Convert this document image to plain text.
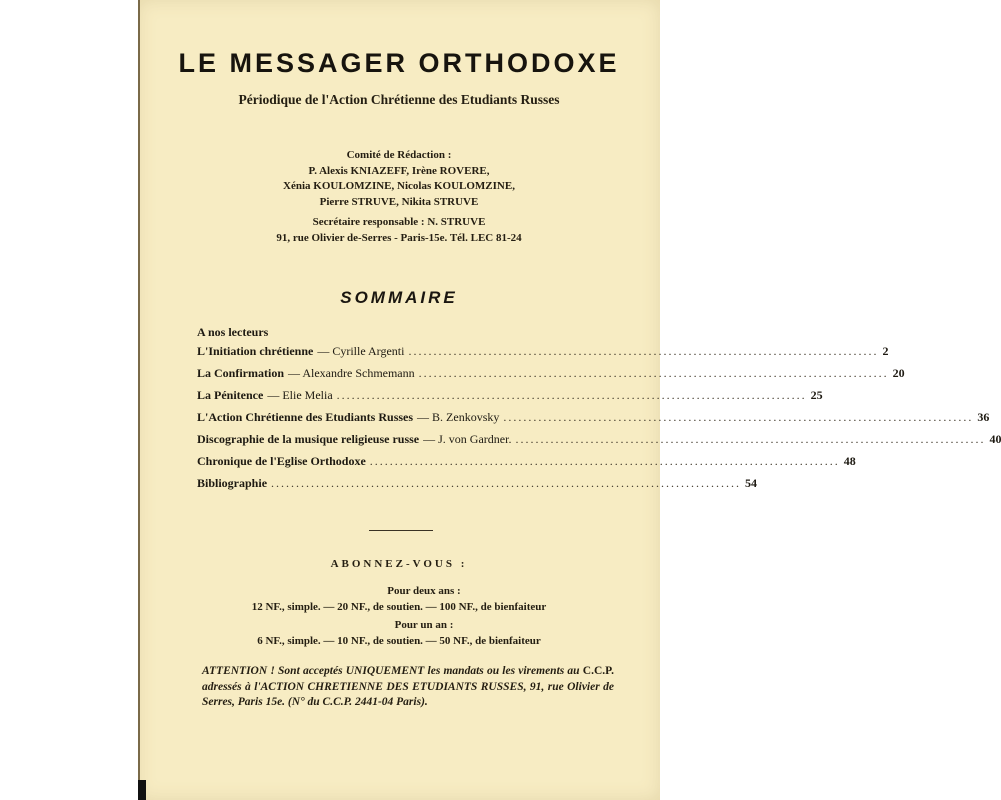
LE MESSAGER ORTHODOXE
Périodique de l'Action Chrétienne des Etudiants Russes
Comité de Rédaction :
P. Alexis KNIAZEFF, Irène ROVERE,
Xénia KOULOMZINE, Nicolas KOULOMZINE,
Pierre STRUVE, Nikita STRUVE
Secrétaire responsable : N. STRUVE
91, rue Olivier de-Serres - Paris-15e. Tél. LEC 81-24
SOMMAIRE
A nos lecteurs
L'Initiation chrétienne — Cyrille Argenti .............................................................................................. 2
La Confirmation — Alexandre Schmemann .............................................................................................. 20
La Pénitence — Elie Melia .............................................................................................. 25
L'Action Chrétienne des Etudiants Russes — B. Zenkovsky .............................................................................................. 36
Discographie de la musique religieuse russe — J. von Gardner. .............................................................................................. 40
Chronique de l'Eglise Orthodoxe .............................................................................................. 48
Bibliographie .............................................................................................. 54
ABONNEZ-VOUS :
Pour deux ans :
12 NF., simple. — 20 NF., de soutien. — 100 NF., de bienfaiteur
Pour un an :
6 NF., simple. — 10 NF., de soutien. — 50 NF., de bienfaiteur
ATTENTION ! Sont acceptés UNIQUEMENT les mandats ou les virements au C.C.P. adressés à l'ACTION CHRETIENNE DES ETUDIANTS RUSSES, 91, rue Olivier de Serres, Paris 15e. (N° du C.C.P. 2441-04 Paris).
